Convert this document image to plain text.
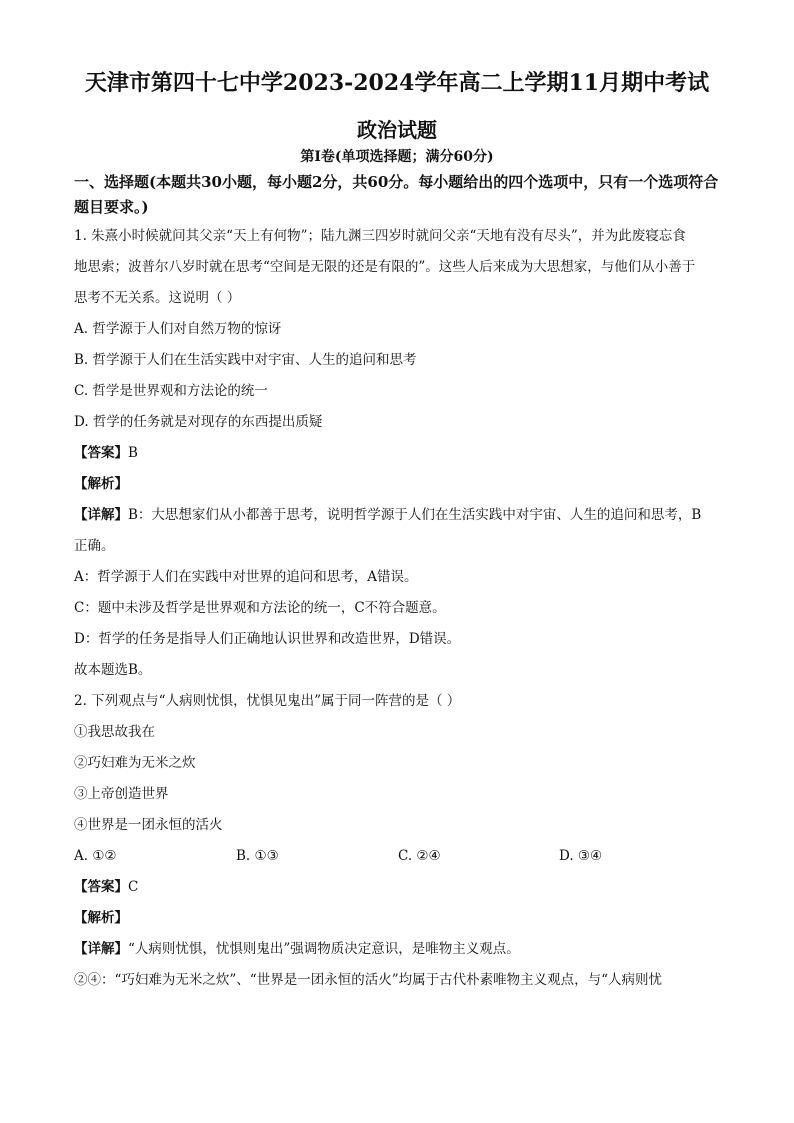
天津市第四十七中学2023-2024学年高二上学期11月期中考试
政治试题
第Ⅰ卷(单项选择题；满分60分)
一、选择题(本题共30小题，每小题2分，共60分。每小题给出的四个选项中，只有一个选项符合题目要求。)
1. 朱熹小时候就问其父亲“天上有何物”；陆九渊三四岁时就问父亲“天地有没有尽头”，并为此废寝忘食
地思索；波普尔八岁时就在思考“空间是无限的还是有限的”。这些人后来成为大思想家，与他们从小善于
思考不无关系。这说明（ ）
A. 哲学源于人们对自然万物的惊讶
B. 哲学源于人们在生活实践中对宇宙、人生的追问和思考
C. 哲学是世界观和方法论的统一
D. 哲学的任务就是对现存的东西提出质疑
【答案】B
【解析】
【详解】B：大思想家们从小都善于思考，说明哲学源于人们在生活实践中对宇宙、人生的追问和思考，B
正确。
A：哲学源于人们在实践中对世界的追问和思考，A错误。
C：题中未涉及哲学是世界观和方法论的统一，C不符合题意。
D：哲学的任务是指导人们正确地认识世界和改造世界，D错误。
故本题选B。
2. 下列观点与“人病则忧惧，忧惧见鬼出”属于同一阵营的是（ ）
①我思故我在
②巧妇难为无米之炊
③上帝创造世界
④世界是一团永恒的活火
A. ①②	B. ①③	C. ②④	D. ③④
【答案】C
【解析】
【详解】“人病则忧惧，忧惧则鬼出”强调物质决定意识，是唯物主义观点。
②④：“巧妇难为无米之炊”、“世界是一团永恒的活火”均属于古代朴素唯物主义观点，与“人病则忧
